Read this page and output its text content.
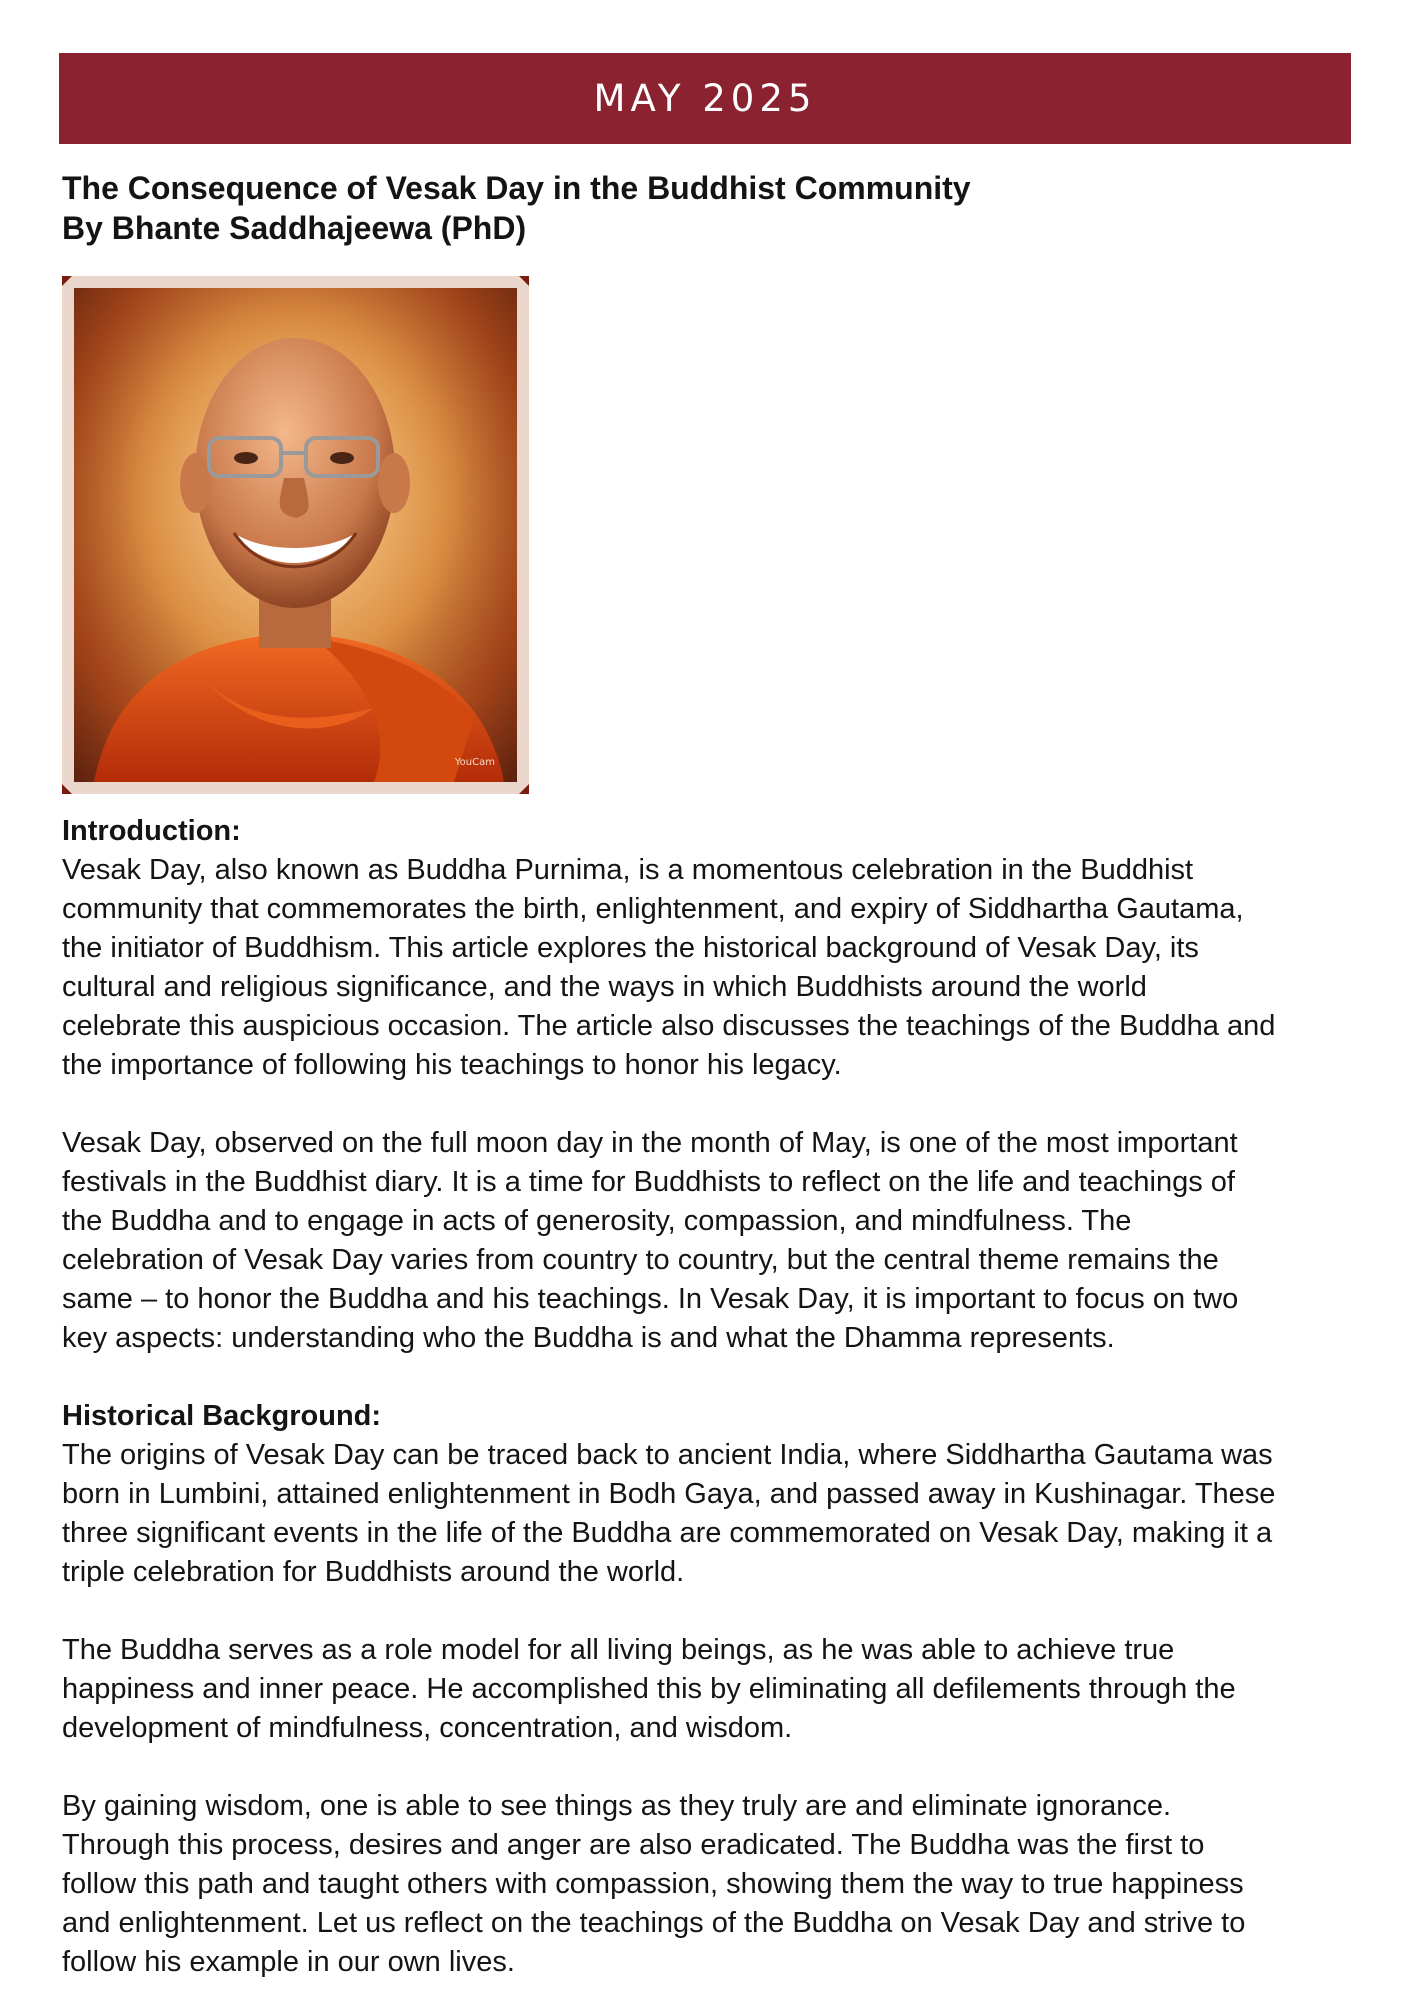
MAY 2025

The Consequence of Vesak Day in the Buddhist Community

By Bhante Saddhajeewa (PhD)

YouCam

Introduction:

Vesak Day, also known as Buddha Purnima, is a momentous celebration in the Buddhist
community that commemorates the birth, enlightenment, and expiry of Siddhartha Gautama,
the initiator of Buddhism. This article explores the historical background of Vesak Day, its
cultural and religious significance, and the ways in which Buddhists around the world
celebrate this auspicious occasion. The article also discusses the teachings of the Buddha and
the importance of following his teachings to honor his legacy.

Vesak Day, observed on the full moon day in the month of May, is one of the most important
festivals in the Buddhist diary. It is a time for Buddhists to reflect on the life and teachings of
the Buddha and to engage in acts of generosity, compassion, and mindfulness. The
celebration of Vesak Day varies from country to country, but the central theme remains the
same – to honor the Buddha and his teachings. In Vesak Day, it is important to focus on two
key aspects: understanding who the Buddha is and what the Dhamma represents.

Historical Background:

The origins of Vesak Day can be traced back to ancient India, where Siddhartha Gautama was
born in Lumbini, attained enlightenment in Bodh Gaya, and passed away in Kushinagar. These
three significant events in the life of the Buddha are commemorated on Vesak Day, making it a
triple celebration for Buddhists around the world.

The Buddha serves as a role model for all living beings, as he was able to achieve true
happiness and inner peace. He accomplished this by eliminating all defilements through the
development of mindfulness, concentration, and wisdom.

By gaining wisdom, one is able to see things as they truly are and eliminate ignorance.
Through this process, desires and anger are also eradicated. The Buddha was the first to
follow this path and taught others with compassion, showing them the way to true happiness
and enlightenment. Let us reflect on the teachings of the Buddha on Vesak Day and strive to
follow his example in our own lives.
